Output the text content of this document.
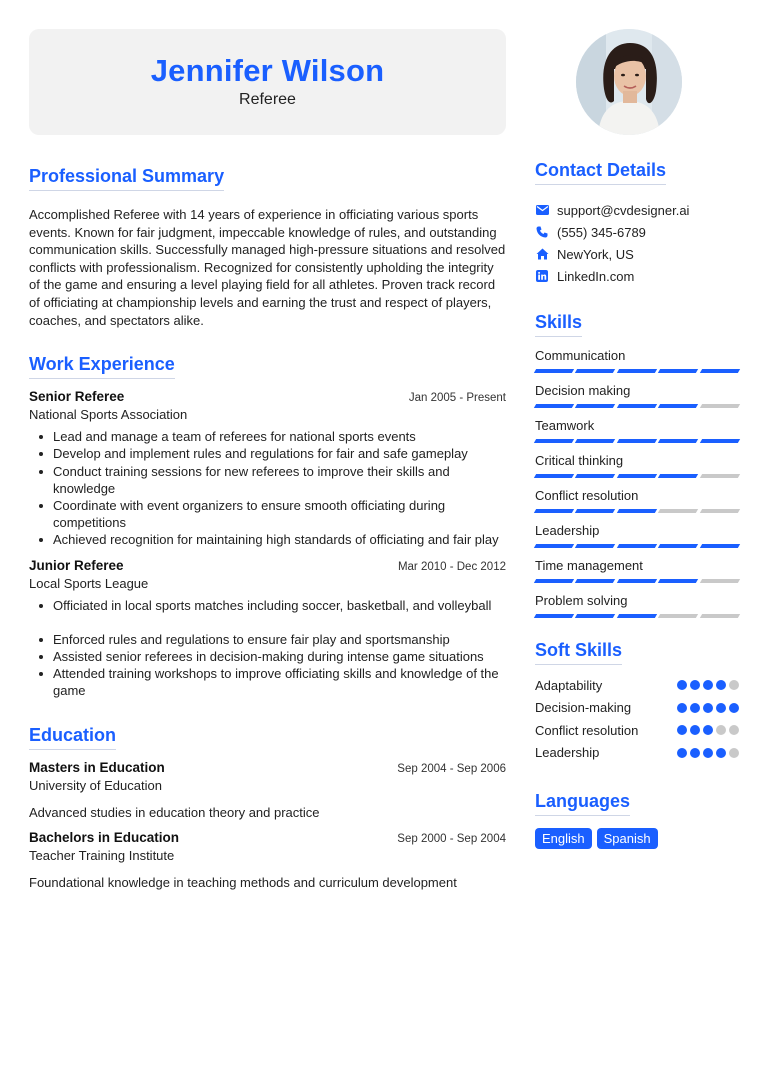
Jennifer Wilson
Referee
Professional Summary

Accomplished Referee with 14 years of experience in officiating various sports events. Known for fair judgment, impeccable knowledge of rules, and outstanding communication skills. Successfully managed high-pressure situations and resolved conflicts with professionalism. Recognized for consistently upholding the integrity of the game and ensuring a level playing field for all athletes. Proven track record of officiating at championship levels and earning the trust and respect of players, coaches, and spectators alike.

Work Experience
Senior Referee	Jan 2005 - Present
National Sports Association
Lead and manage a team of referees for national sports events
Develop and implement rules and regulations for fair and safe gameplay
Conduct training sessions for new referees to improve their skills and knowledge
Coordinate with event organizers to ensure smooth officiating during competitions
Achieved recognition for maintaining high standards of officiating and fair play
Junior Referee	Mar 2010 - Dec 2012
Local Sports League
Officiated in local sports matches including soccer, basketball, and volleyball
Enforced rules and regulations to ensure fair play and sportsmanship
Assisted senior referees in decision-making during intense game situations
Attended training workshops to improve officiating skills and knowledge of the game
Education
Masters in Education	Sep 2004 - Sep 2006
University of Education
Advanced studies in education theory and practice
Bachelors in Education	Sep 2000 - Sep 2004
Teacher Training Institute
Foundational knowledge in teaching methods and curriculum development
Contact Details
support@cvdesigner.ai
(555) 345-6789
NewYork, US
LinkedIn.com
Skills
Communication
Decision making
Teamwork
Critical thinking
Conflict resolution
Leadership
Time management
Problem solving
Soft Skills
Adaptability
Decision-making
Conflict resolution
Leadership
Languages
English	Spanish
